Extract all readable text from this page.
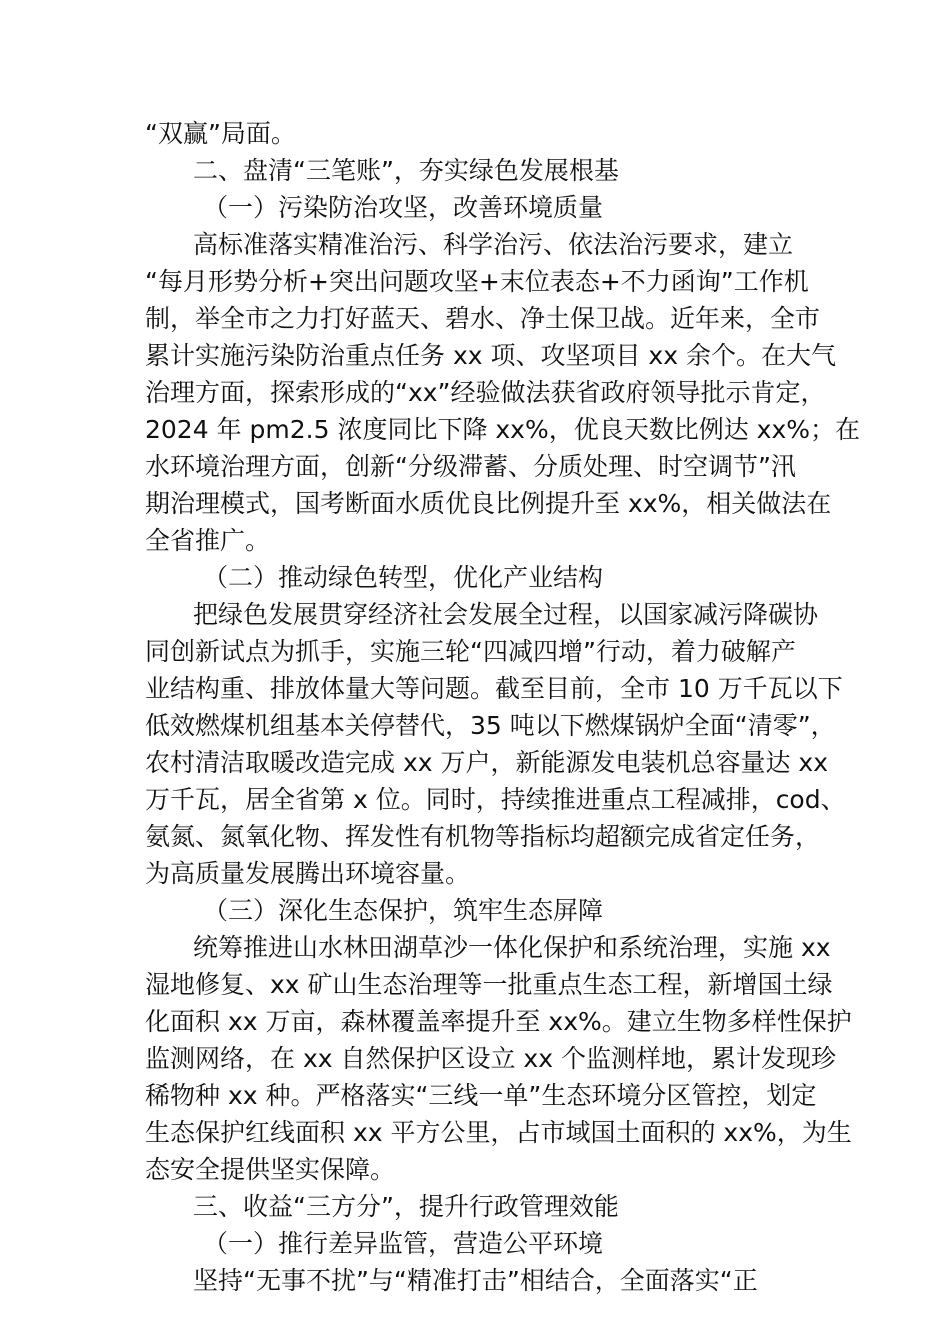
“双赢”局面。
二、盘清“三笔账”，夯实绿色发展根基
（一）污染防治攻坚，改善环境质量
高标准落实精准治污、科学治污、依法治污要求，建立
“每月形势分析+突出问题攻坚+末位表态+不力函询”工作机
制，举全市之力打好蓝天、碧水、净土保卫战。近年来，全市
累计实施污染防治重点任务 xx 项、攻坚项目 xx 余个。在大气
治理方面，探索形成的“xx”经验做法获省政府领导批示肯定，
2024 年 pm2.5 浓度同比下降 xx%，优良天数比例达 xx%；在
水环境治理方面，创新“分级滞蓄、分质处理、时空调节”汛
期治理模式，国考断面水质优良比例提升至 xx%，相关做法在
全省推广。
（二）推动绿色转型，优化产业结构
把绿色发展贯穿经济社会发展全过程，以国家减污降碳协
同创新试点为抓手，实施三轮“四减四增”行动，着力破解产
业结构重、排放体量大等问题。截至目前，全市 10 万千瓦以下
低效燃煤机组基本关停替代，35 吨以下燃煤锅炉全面“清零”，
农村清洁取暖改造完成 xx 万户，新能源发电装机总容量达 xx
万千瓦，居全省第 x 位。同时，持续推进重点工程减排，cod、
氨氮、氮氧化物、挥发性有机物等指标均超额完成省定任务，
为高质量发展腾出环境容量。
（三）深化生态保护，筑牢生态屏障
统筹推进山水林田湖草沙一体化保护和系统治理，实施 xx
湿地修复、xx 矿山生态治理等一批重点生态工程，新增国土绿
化面积 xx 万亩，森林覆盖率提升至 xx%。建立生物多样性保护
监测网络，在 xx 自然保护区设立 xx 个监测样地，累计发现珍
稀物种 xx 种。严格落实“三线一单”生态环境分区管控，划定
生态保护红线面积 xx 平方公里，占市域国土面积的 xx%，为生
态安全提供坚实保障。
三、收益“三方分”，提升行政管理效能
（一）推行差异监管，营造公平环境
坚持“无事不扰”与“精准打击”相结合，全面落实“正
